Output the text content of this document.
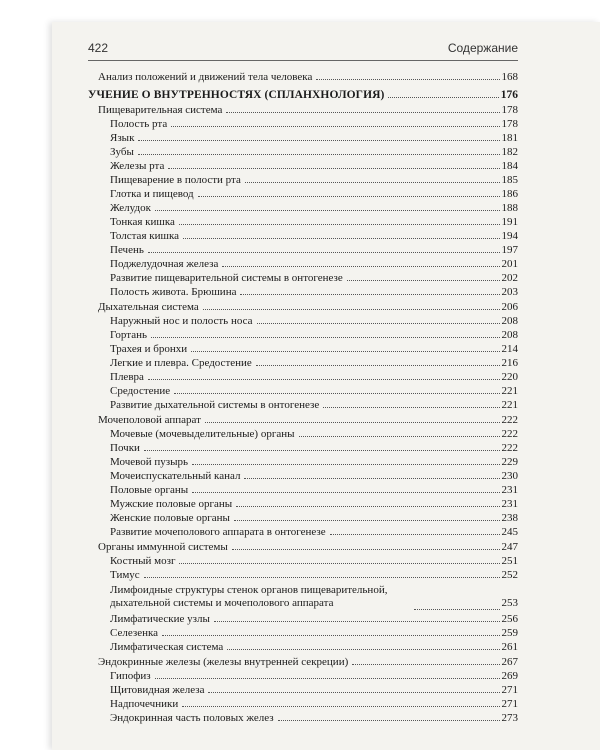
422	Содержание
Анализ положений и движений тела человека	168
УЧЕНИЕ О ВНУТРЕННОСТЯХ (СПЛАНХНОЛОГИЯ)	176
Пищеварительная система	178
Полость рта	178
Язык	181
Зубы	182
Железы рта	184
Пищеварение в полости рта	185
Глотка и пищевод	186
Желудок	188
Тонкая кишка	191
Толстая кишка	194
Печень	197
Поджелудочная железа	201
Развитие пищеварительной системы в онтогенезе	202
Полость живота. Брюшина	203
Дыхательная система	206
Наружный нос и полость носа	208
Гортань	208
Трахея и бронхи	214
Легкие и плевра. Средостение	216
Плевра	220
Средостение	221
Развитие дыхательной системы в онтогенезе	221
Мочеполовой аппарат	222
Мочевые (мочевыделительные) органы	222
Почки	222
Мочевой пузырь	229
Мочеиспускательный канал	230
Половые органы	231
Мужские половые органы	231
Женские половые органы	238
Развитие мочеполового аппарата в онтогенезе	245
Органы иммунной системы	247
Костный мозг	251
Тимус	252
Лимфоидные структуры стенок органов пищеварительной, дыхательной системы и мочеполового аппарата	253
Лимфатические узлы	256
Селезенка	259
Лимфатическая система	261
Эндокринные железы (железы внутренней секреции)	267
Гипофиз	269
Щитовидная железа	271
Надпочечники	271
Эндокринная часть половых желез	273
